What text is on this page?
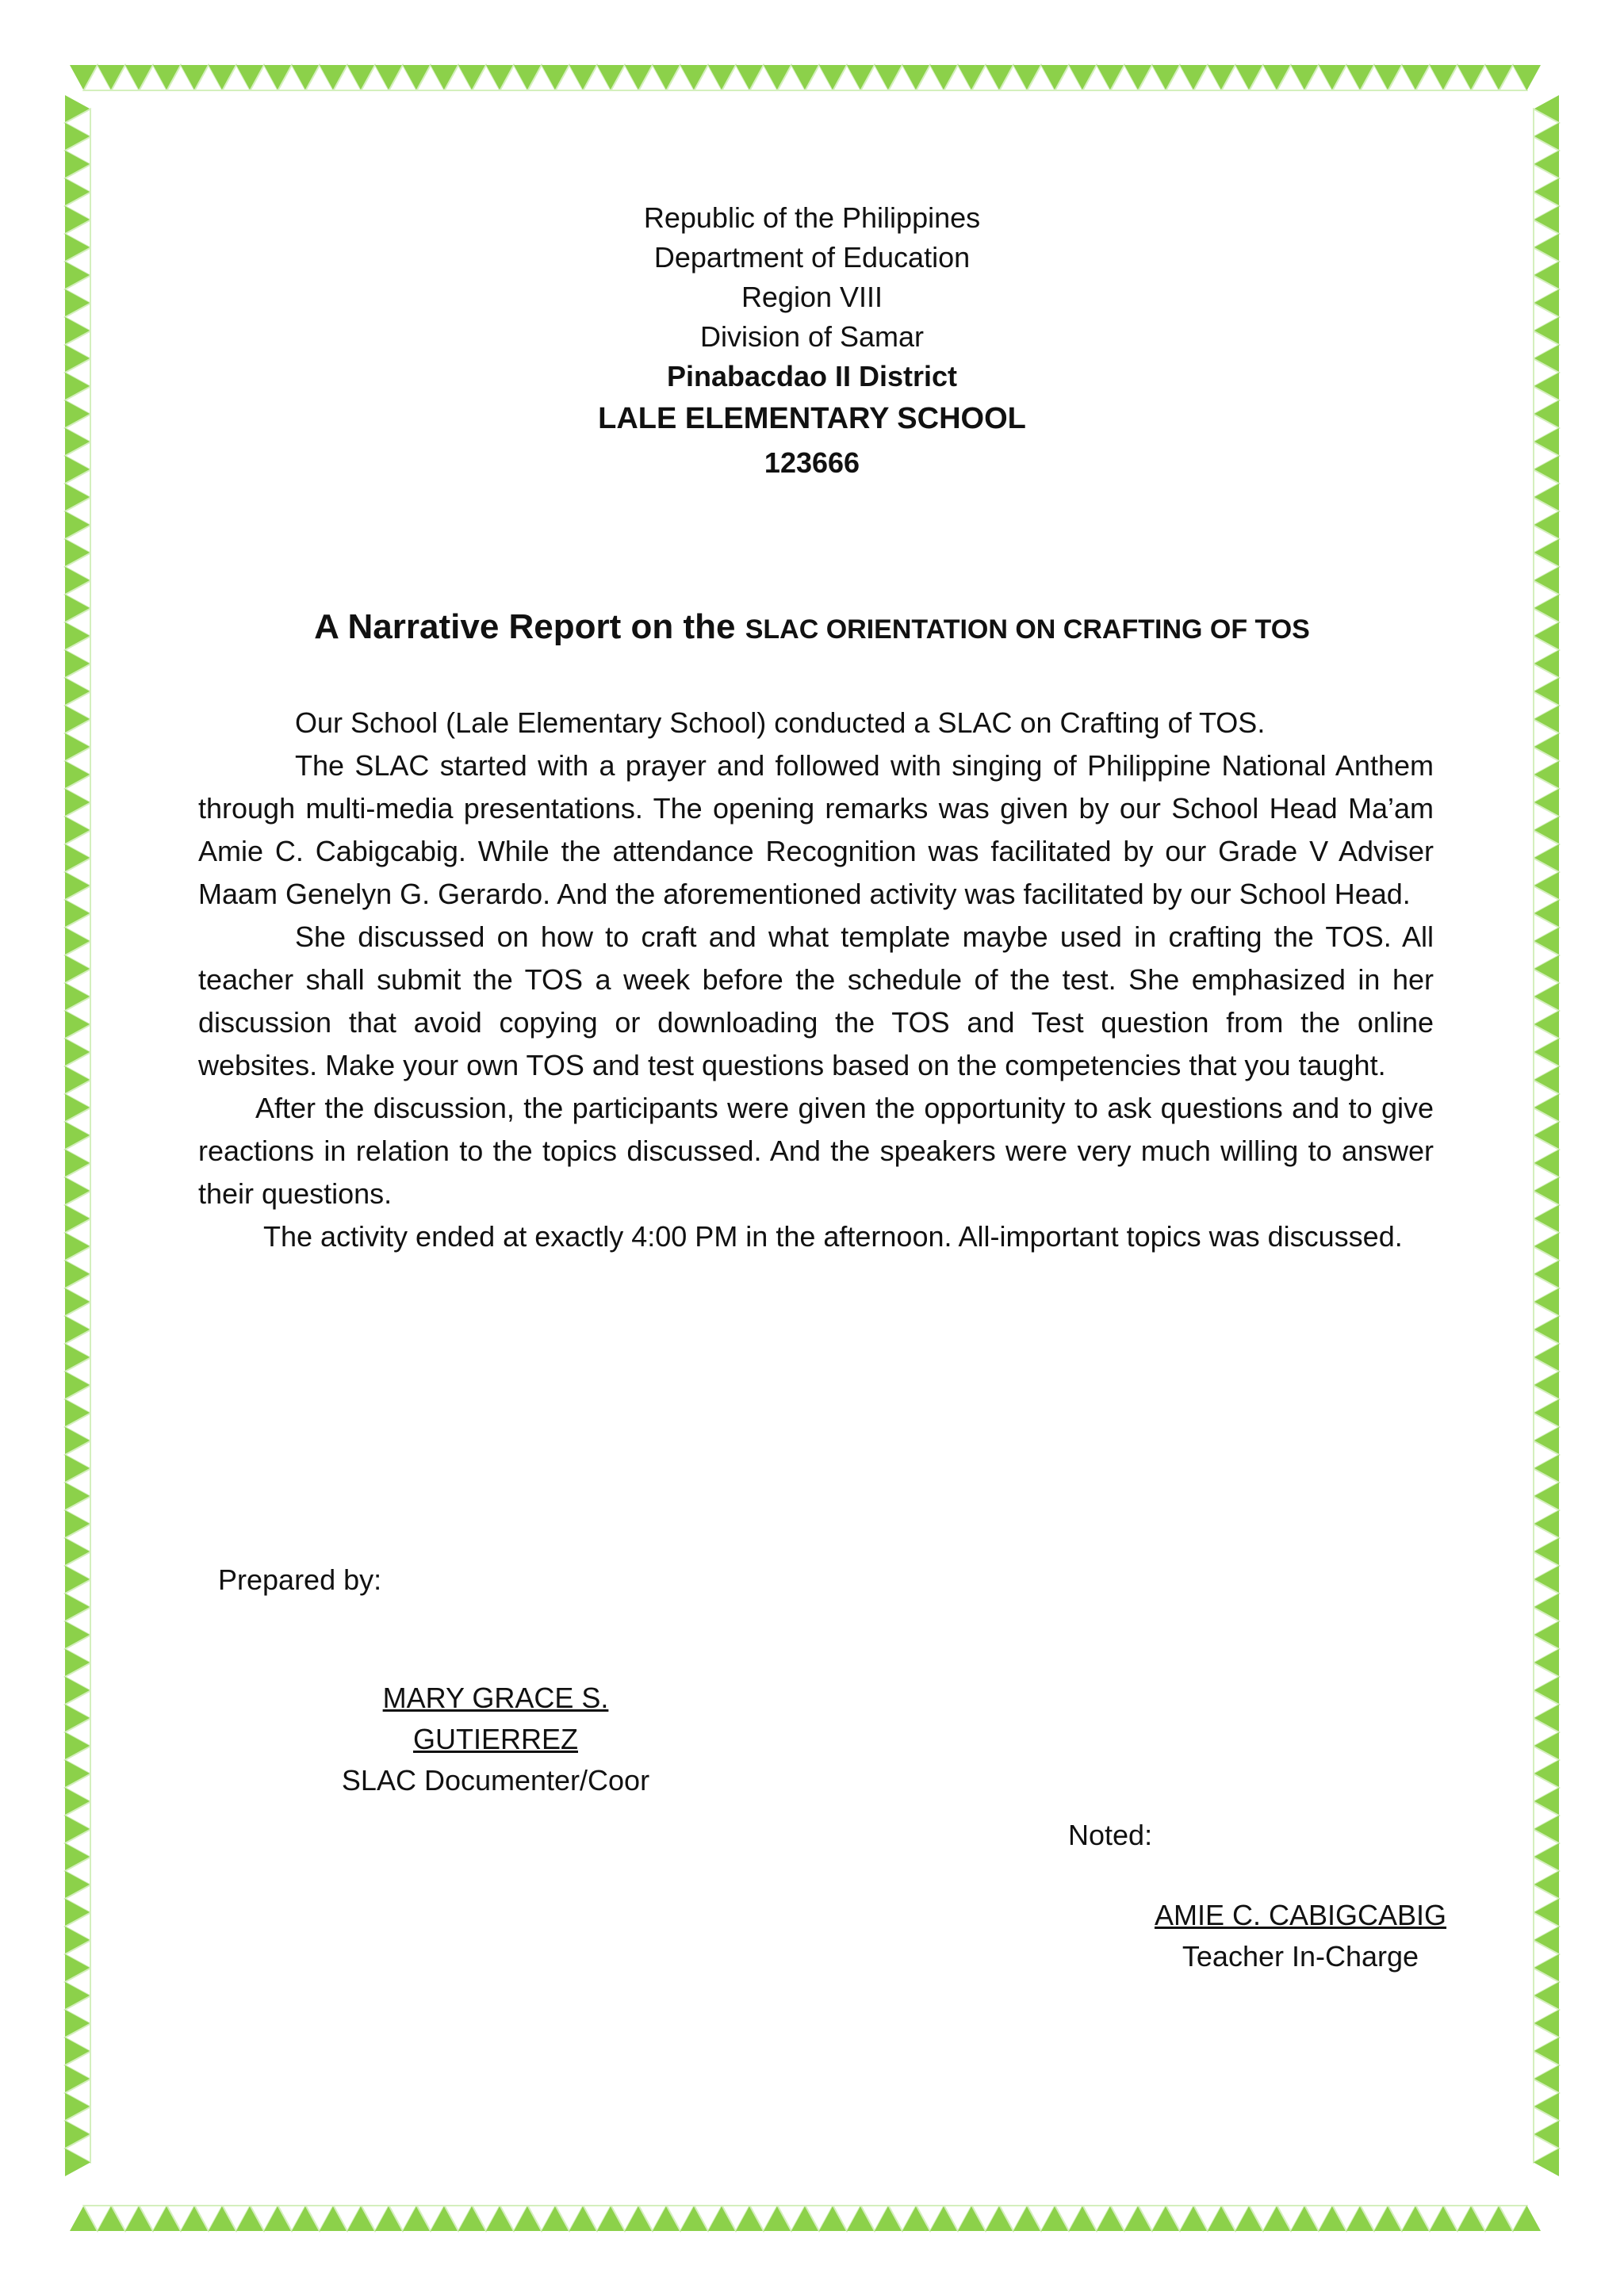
Republic of the Philippines
Department of Education
Region VIII
Division of Samar
Pinabacdao II District
LALE ELEMENTARY SCHOOL
123666
A Narrative Report on the SLAC ORIENTATION ON CRAFTING OF TOS

Our School (Lale Elementary School) conducted a SLAC on Crafting of TOS.

The SLAC started with a prayer and followed with singing of Philippine National Anthem through multi-media presentations. The opening remarks was given by our School Head Ma’am Amie C. Cabigcabig. While the attendance Recognition was facilitated by our Grade V Adviser Maam Genelyn G. Gerardo. And the aforementioned activity was facilitated by our School Head.

She discussed on how to craft and what template maybe used in crafting the TOS. All teacher shall submit the TOS a week before the schedule of the test. She emphasized in her discussion that avoid copying or downloading the TOS and Test question from the online websites. Make your own TOS and test questions based on the competencies that you taught.

After the discussion, the participants were given the opportunity to ask questions and to give reactions in relation to the topics discussed. And the speakers were very much willing to answer their questions.

The activity ended at exactly 4:00 PM in the afternoon. All-important topics was discussed.

Prepared by:
MARY GRACE S. GUTIERREZ
SLAC Documenter/Coor
Noted:
AMIE C. CABIGCABIG
Teacher In-Charge
